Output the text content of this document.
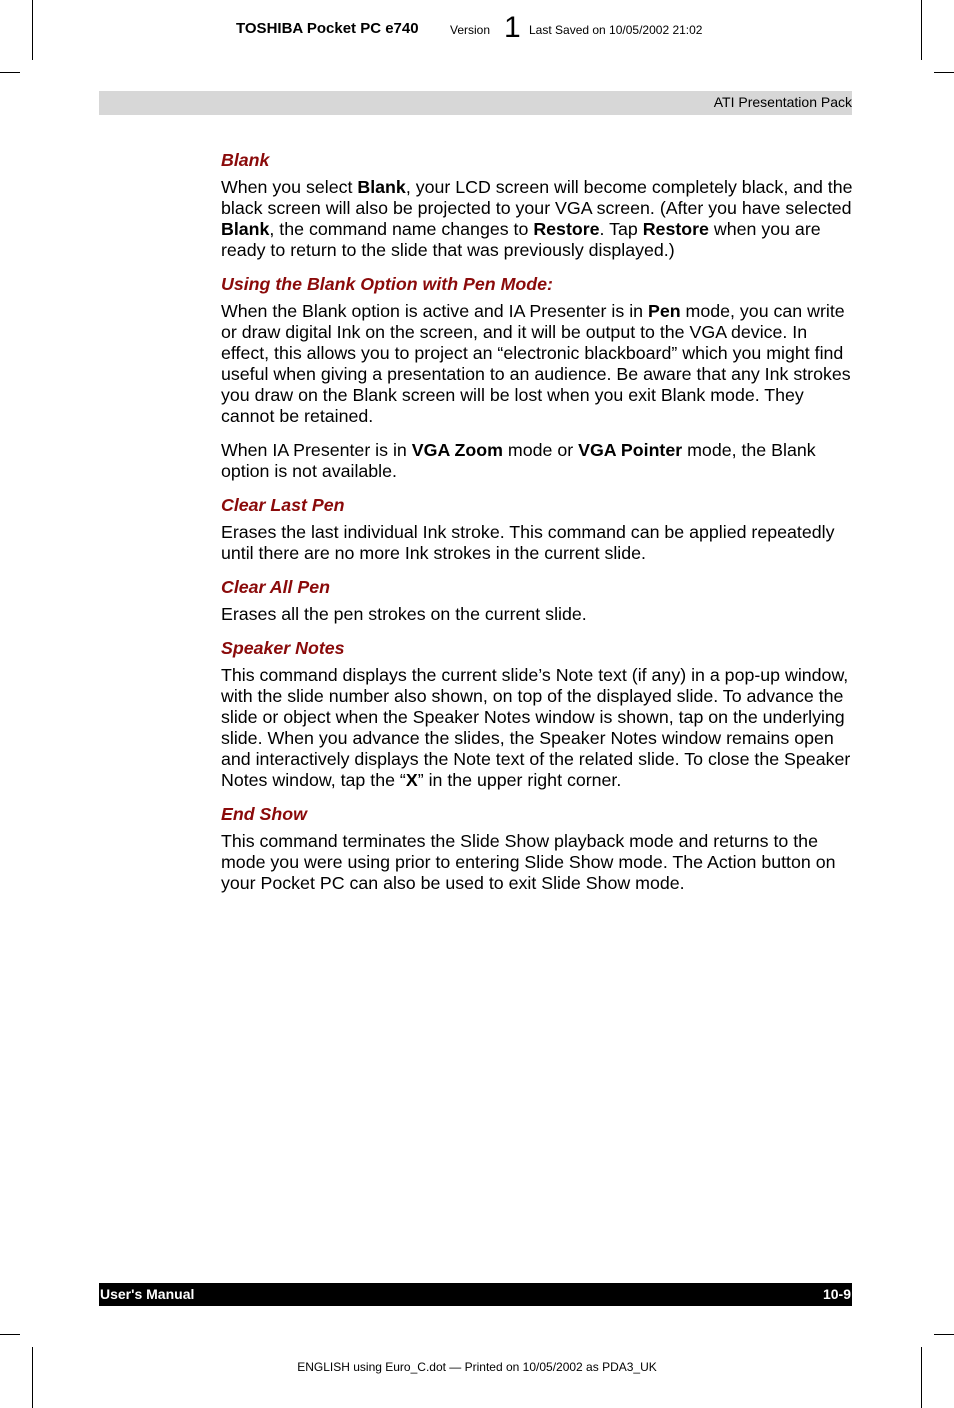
TOSHIBA Pocket PC e740	Version 1 Last Saved on 10/05/2002 21:02
ATI Presentation Pack
Blank

When you select Blank, your LCD screen will become completely black, and the black screen will also be projected to your VGA screen. (After you have selected Blank, the command name changes to Restore. Tap Restore when you are ready to return to the slide that was previously displayed.)

Using the Blank Option with Pen Mode:

When the Blank option is active and IA Presenter is in Pen mode, you can write or draw digital Ink on the screen, and it will be output to the VGA device. In effect, this allows you to project an “electronic blackboard” which you might find useful when giving a presentation to an audience. Be aware that any Ink strokes you draw on the Blank screen will be lost when you exit Blank mode. They cannot be retained.

When IA Presenter is in VGA Zoom mode or VGA Pointer mode, the Blank option is not available.

Clear Last Pen

Erases the last individual Ink stroke. This command can be applied repeatedly until there are no more Ink strokes in the current slide.

Clear All Pen

Erases all the pen strokes on the current slide.

Speaker Notes

This command displays the current slide’s Note text (if any) in a pop-up window, with the slide number also shown, on top of the displayed slide. To advance the slide or object when the Speaker Notes window is shown, tap on the underlying slide. When you advance the slides, the Speaker Notes window remains open and interactively displays the Note text of the related slide. To close the Speaker Notes window, tap the “X” in the upper right corner.

End Show

This command terminates the Slide Show playback mode and returns to the mode you were using prior to entering Slide Show mode. The Action button on your Pocket PC can also be used to exit Slide Show mode.

User's Manual	10-9
ENGLISH using Euro_C.dot — Printed on 10/05/2002 as PDA3_UK
